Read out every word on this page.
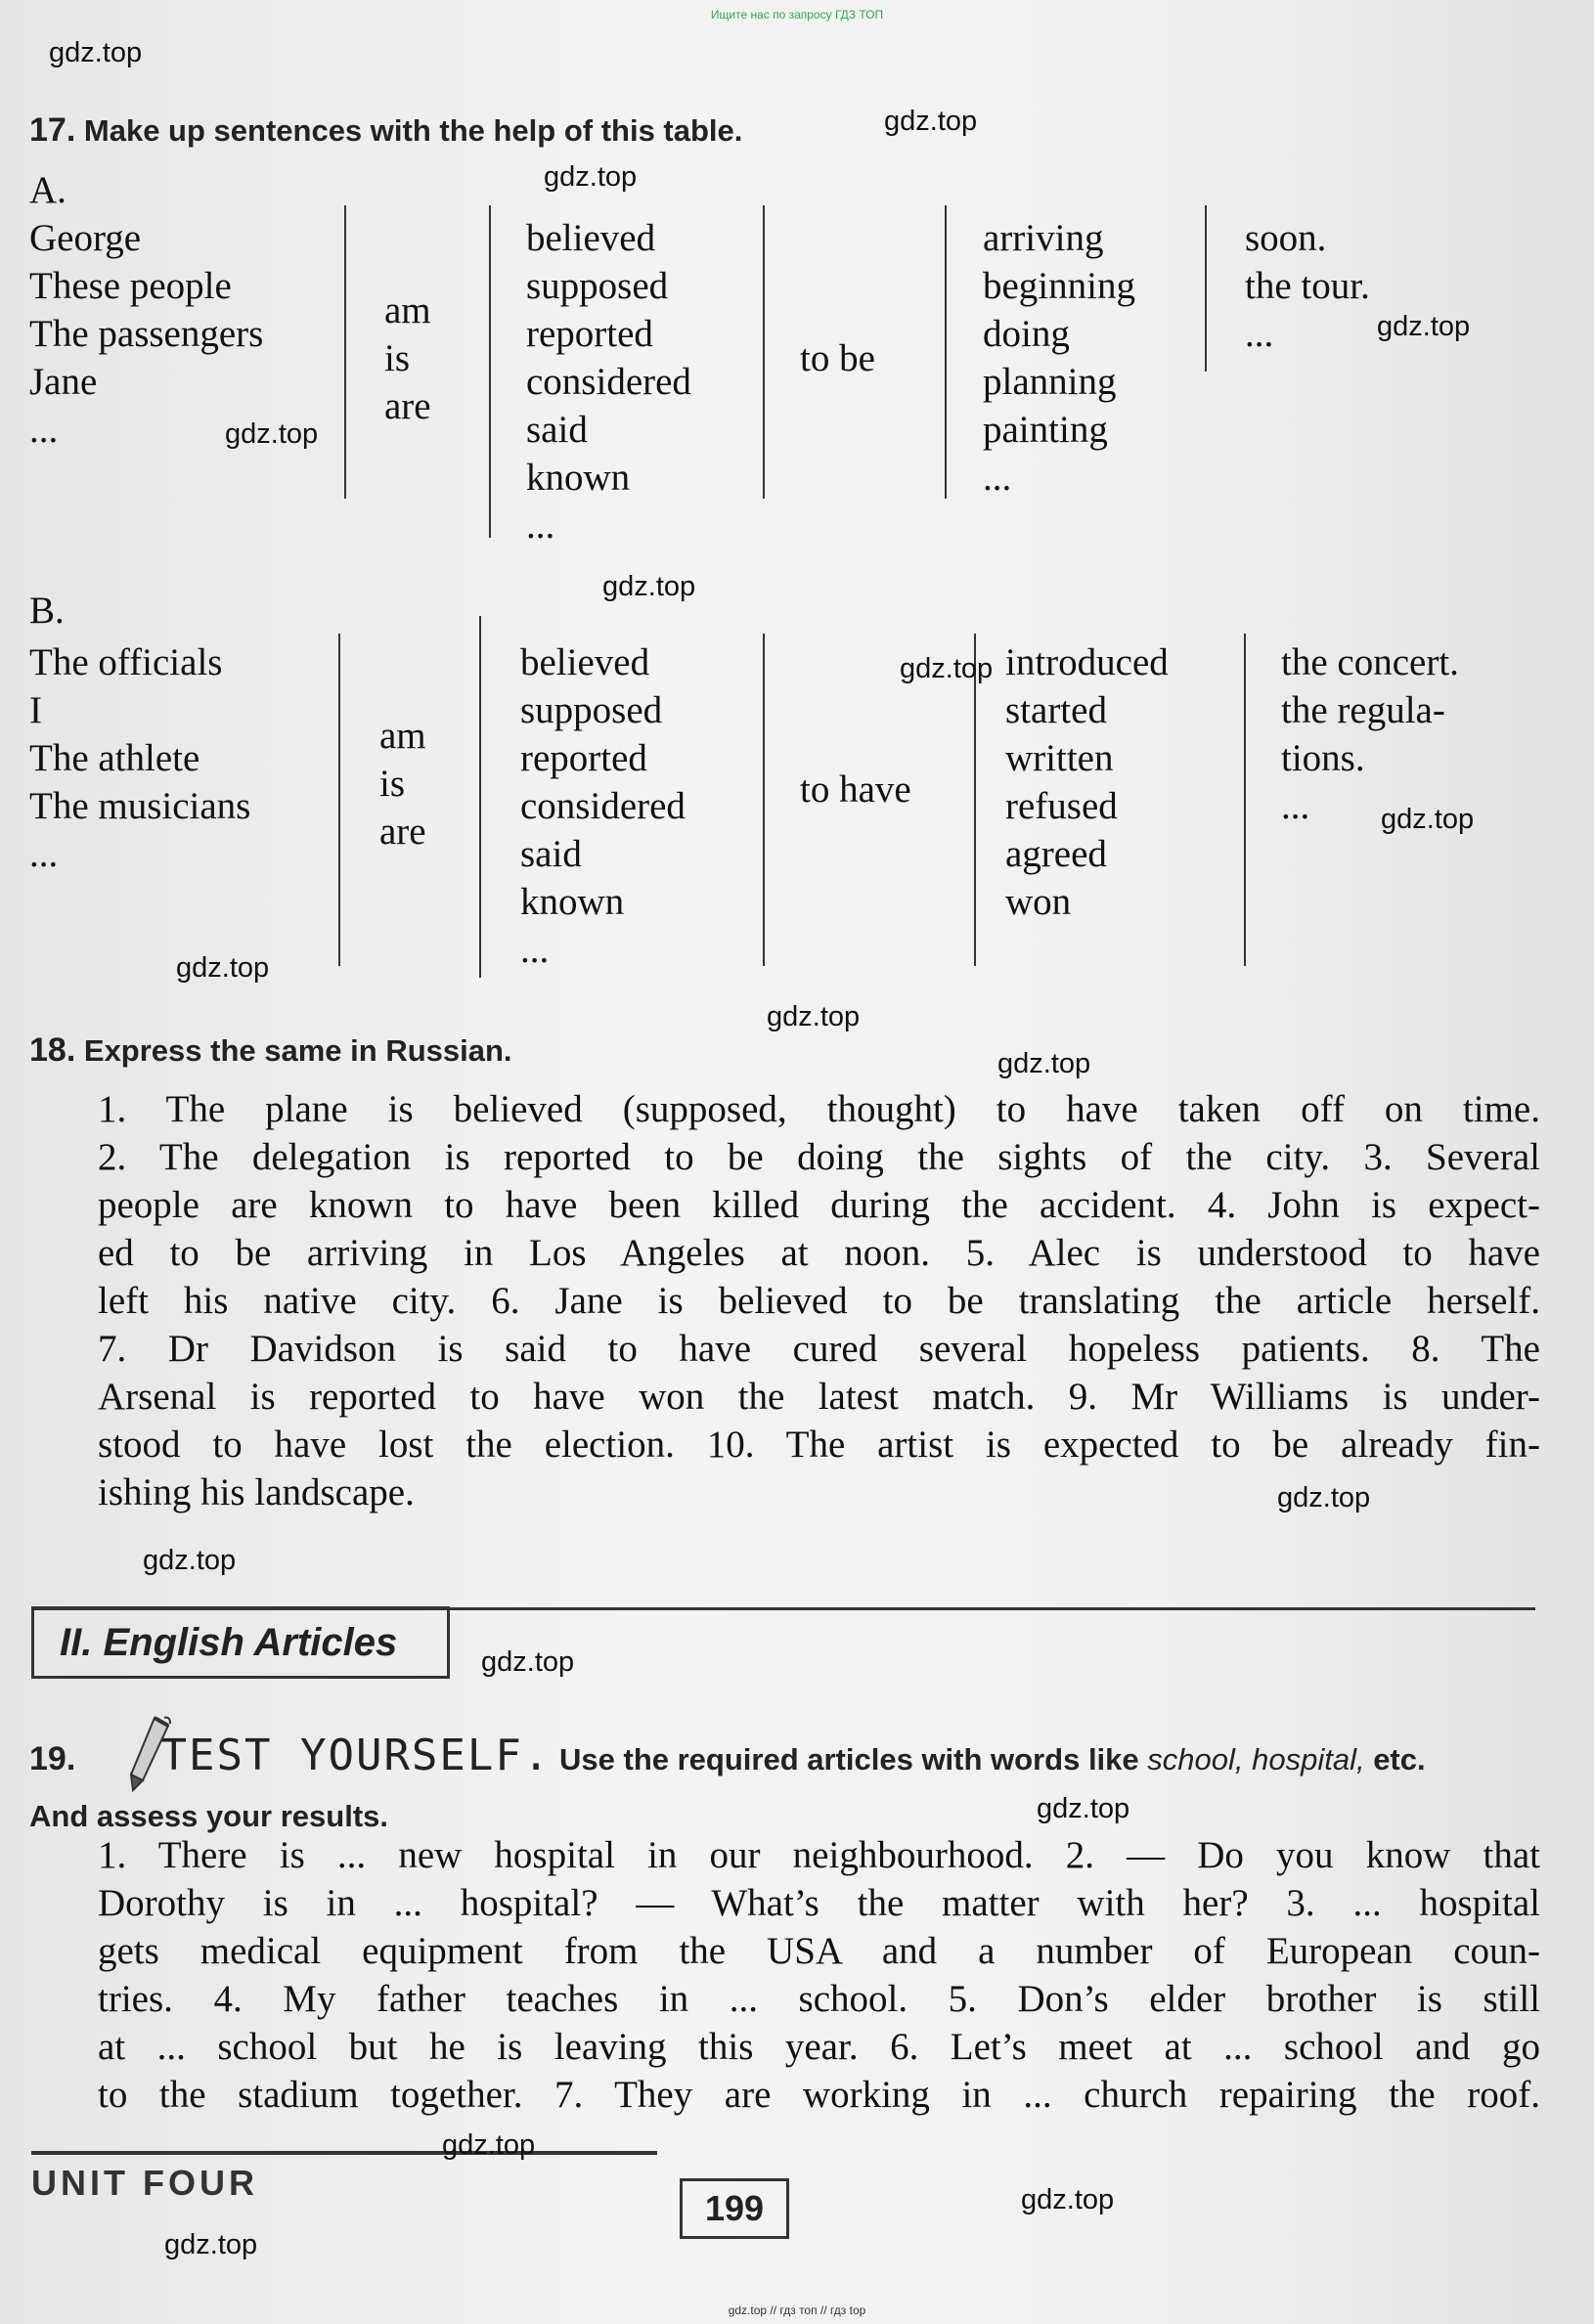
Ищите нас по запросу ГДЗ ТОП
17. Make up sentences with the help of this table.
A.
George
These people
The passengers
Jane
...
am
is
are
believed
supposed
reported
considered
said
known
...
to be
arriving
beginning
doing
planning
painting
...
soon.
the tour.
...
B.
The officials
I
The athlete
The musicians
...
am
is
are
believed
supposed
reported
considered
said
known
...
to have
introduced
started
written
refused
agreed
won
the concert.
the regula-
tions.
...
18. Express the same in Russian.

1. The plane is believed (supposed, thought) to have taken off on time.

2. The delegation is reported to be doing the sights of the city. 3. Several

people are known to have been killed during the accident. 4. John is expect-

ed to be arriving in Los Angeles at noon. 5. Alec is understood to have

left his native city. 6. Jane is believed to be translating the article herself.

7. Dr Davidson is said to have cured several hopeless patients. 8. The

Arsenal is reported to have won the latest match. 9. Mr Williams is under-

stood to have lost the election. 10. The artist is expected to be already fin-

ishing his landscape.

II. English Articles
19. TEST YOURSELF. Use the required articles with words like school, hospital, etc.
And assess your results.

1. There is ... new hospital in our neighbourhood. 2. — Do you know that

Dorothy is in ... hospital? — What’s the matter with her? 3. ... hospital

gets medical equipment from the USA and a number of European coun-

tries. 4. My father teaches in ... school. 5. Don’s elder brother is still

at ... school but he is leaving this year. 6. Let’s meet at ... school and go

to the stadium together. 7. They are working in ... church repairing the roof.

UNIT FOUR
199
gdz.top
gdz.top
gdz.top
gdz.top
gdz.top
gdz.top
gdz.top
gdz.top
gdz.top
gdz.top
gdz.top
gdz.top
gdz.top
gdz.top
gdz.top
gdz.top
gdz.top
gdz.top
gdz.top // гдз топ // гдз top
